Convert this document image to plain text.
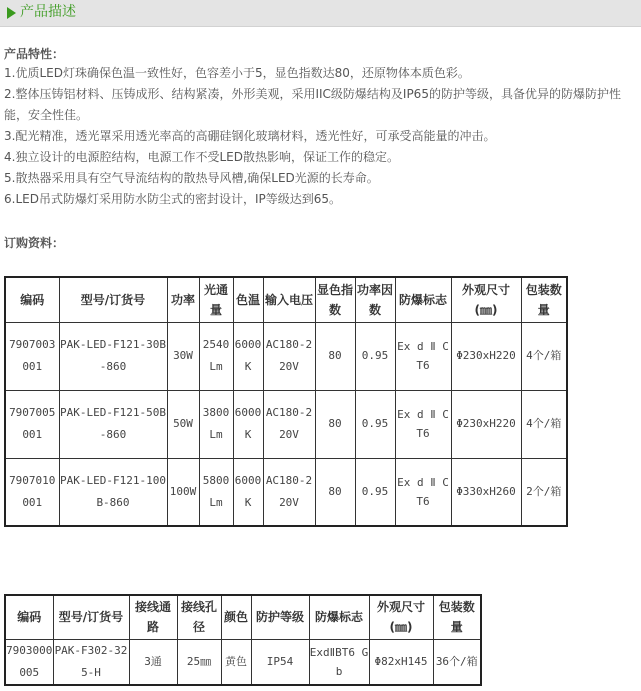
产品描述
产品特性：
1.优质LED灯珠确保色温一致性好，色容差小于5，显色指数达80，还原物体本质色彩。
2.整体压铸铝材料、压铸成形、结构紧凑，外形美观，采用IIC级防爆结构及IP65的防护等级，具备优异的防爆防护性能，安全性佳。
3.配光精准，透光罩采用透光率高的高硼硅钢化玻璃材料，透光性好，可承受高能量的冲击。
4.独立设计的电源腔结构，电源工作不受LED散热影响，保证工作的稳定。
5.散热器采用具有空气导流结构的散热导风槽,确保LED光源的长寿命。
6.LED吊式防爆灯采用防水防尘式的密封设计，IP等级达到65。
订购资料：
编码	型号/订货号	功率	光通量	色温	输入电压	显色指数	功率因数	防爆标志	外观尺寸(㎜)	包装数量
7907003001	PAK-LED-F121-30B-860	30W	2540Lm	6000K	AC180-220V	80	0.95	Ex d Ⅱ C T6	Φ230xH220	4个/箱
7907005001	PAK-LED-F121-50B-860	50W	3800Lm	6000K	AC180-220V	80	0.95	Ex d Ⅱ C T6	Φ230xH220	4个/箱
7907010001	PAK-LED-F121-100B-860	100W	5800Lm	6000K	AC180-220V	80	0.95	Ex d Ⅱ C T6	Φ330xH260	2个/箱
编码	型号/订货号	接线通路	接线孔径	颜色	防护等级	防爆标志	外观尺寸(㎜)	包装数量
7903000005	PAK-F302-325-H	3通	25㎜	黄色	IP54	ExdⅡBT6 Gb	Φ82xH145	36个/箱
